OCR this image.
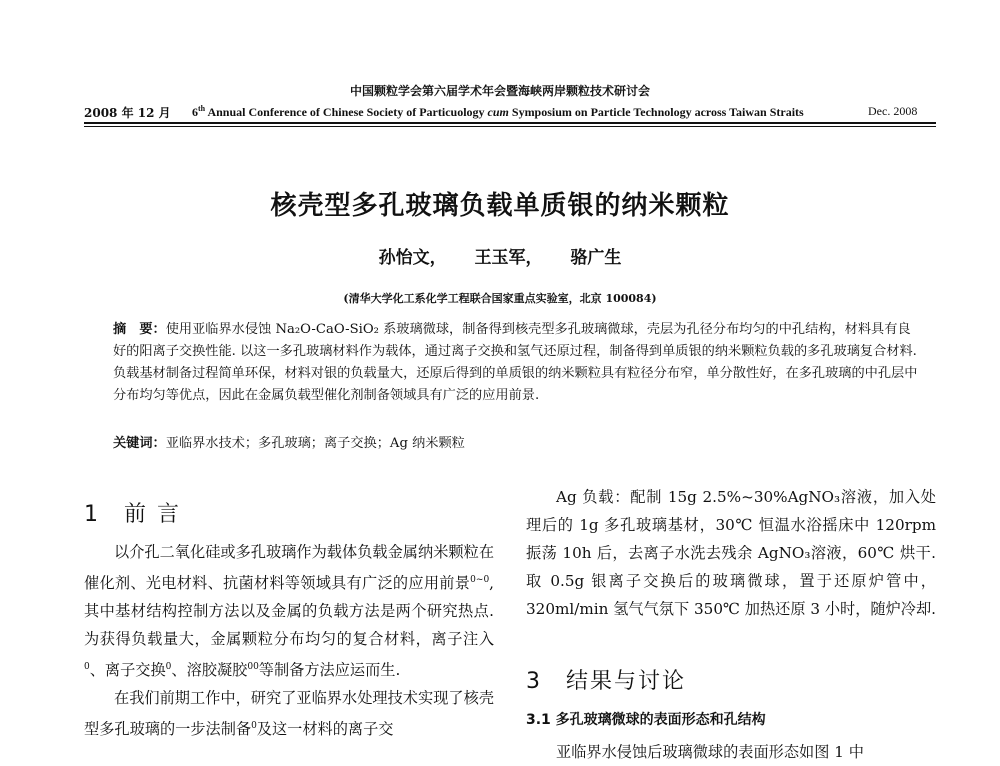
中国颗粒学会第六届学术年会暨海峡两岸颗粒技术研讨会
2008 年 12 月 6th Annual Conference of Chinese Society of Particuology cum Symposium on Particle Technology across Taiwan Straits	Dec. 2008
核壳型多孔玻璃负载单质银的纳米颗粒
孙怡文， 王玉军， 骆广生
(清华大学化工系化学工程联合国家重点实验室，北京 100084)
摘　要：使用亚临界水侵蚀 Na₂O-CaO-SiO₂ 系玻璃微球，制备得到核壳型多孔玻璃微球，壳层为孔径分布均匀的中孔结构，材料具有良好的阳离子交换性能. 以这一多孔玻璃材料作为载体，通过离子交换和氢气还原过程，制备得到单质银的纳米颗粒负载的多孔玻璃复合材料. 负载基材制备过程简单环保，材料对银的负载量大，还原后得到的单质银的纳米颗粒具有粒径分布窄，单分散性好，在多孔玻璃的中孔层中分布均匀等优点，因此在金属负载型催化剂制备领域具有广泛的应用前景.
关键词：亚临界水技术；多孔玻璃；离子交换；Ag 纳米颗粒
1　前 言

以介孔二氧化硅或多孔玻璃作为载体负载金属纳米颗粒在催化剂、光电材料、抗菌材料等领域具有广泛的应用前景$^{0\sim 0}$,其中基材结构控制方法以及金属的负载方法是两个研究热点. 为获得负载量大，金属颗粒分布均匀的复合材料，离子注入$^0$、离子交换$^0$、溶胶凝胶$^{00}$等制备方法应运而生.

在我们前期工作中，研究了亚临界水处理技术实现了核壳型多孔玻璃的一步法制备$^0$及这一材料的离子交

Ag 负载：配制 15g 2.5%~30%AgNO₃溶液，加入处理后的 1g 多孔玻璃基材，30℃ 恒温水浴摇床中 120rpm 振荡 10h 后，去离子水洗去残余 AgNO₃溶液，60℃ 烘干. 取 0.5g 银离子交换后的玻璃微球，置于还原炉管中，320ml/min 氢气气氛下 350℃ 加热还原 3 小时，随炉冷却.

3　结果与讨论
3.1 多孔玻璃微球的表面形态和孔结构
亚临界水侵蚀后玻璃微球的表面形态如图 1 中
